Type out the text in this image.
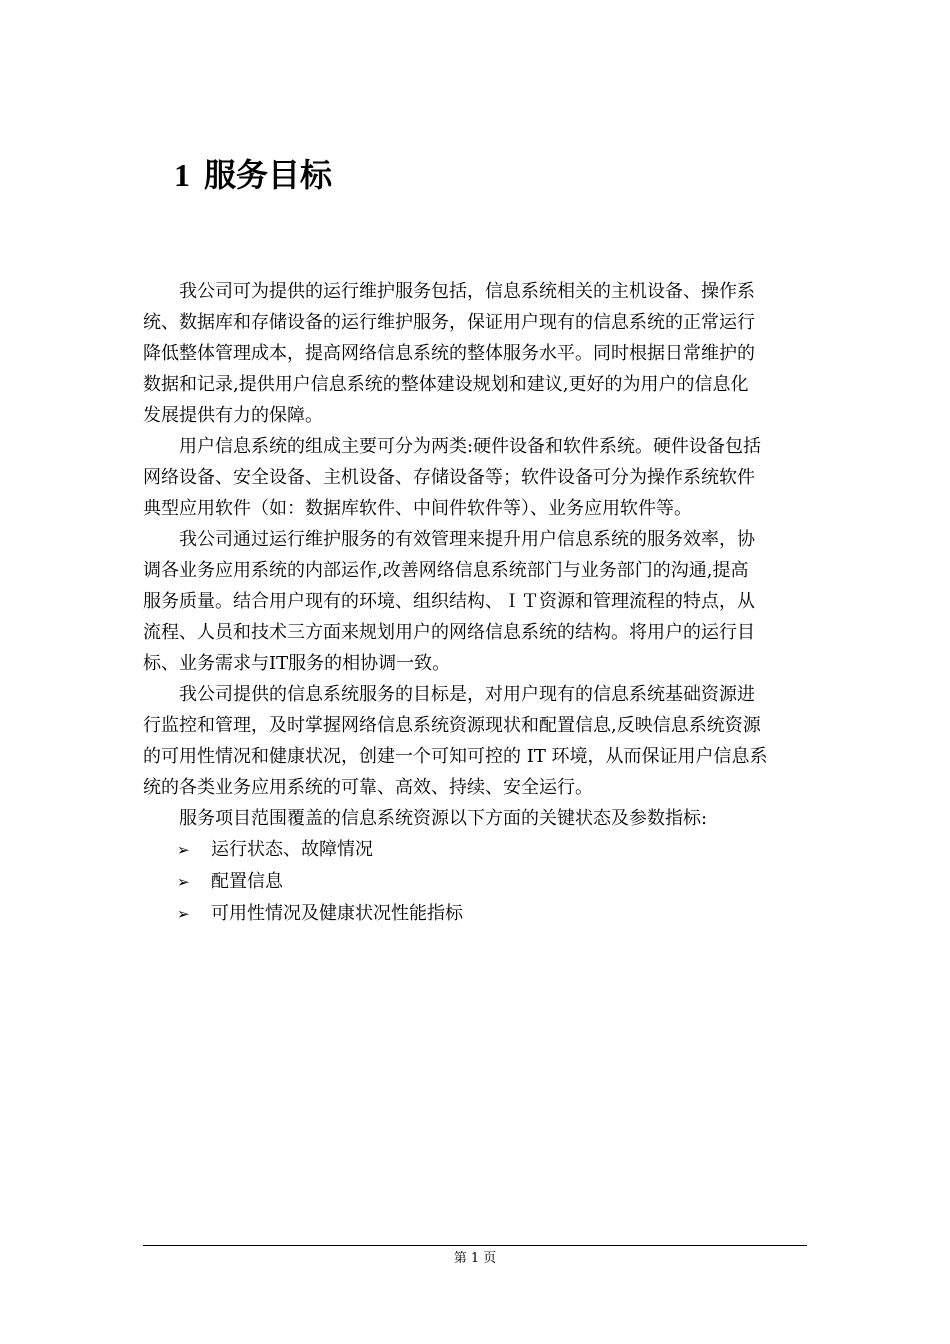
1 服务目标
我公司可为提供的运行维护服务包括，信息系统相关的主机设备、操作系
统、数据库和存储设备的运行维护服务，保证用户现有的信息系统的正常运行
降低整体管理成本，提高网络信息系统的整体服务水平。同时根据日常维护的
数据和记录,提供用户信息系统的整体建设规划和建议,更好的为用户的信息化
发展提供有力的保障。
用户信息系统的组成主要可分为两类:硬件设备和软件系统。硬件设备包括
网络设备、安全设备、主机设备、存储设备等；软件设备可分为操作系统软件
典型应用软件（如：数据库软件、中间件软件等）、业务应用软件等。
我公司通过运行维护服务的有效管理来提升用户信息系统的服务效率，协
调各业务应用系统的内部运作,改善网络信息系统部门与业务部门的沟通,提高
服务质量。结合用户现有的环境、组织结构、ＩＴ资源和管理流程的特点，从
流程、人员和技术三方面来规划用户的网络信息系统的结构。将用户的运行目
标、业务需求与IT服务的相协调一致。
我公司提供的信息系统服务的目标是，对用户现有的信息系统基础资源进
行监控和管理，及时掌握网络信息系统资源现状和配置信息,反映信息系统资源
的可用性情况和健康状况，创建一个可知可控的 IT 环境，从而保证用户信息系
统的各类业务应用系统的可靠、高效、持续、安全运行。
服务项目范围覆盖的信息系统资源以下方面的关键状态及参数指标:
➢ 运行状态、故障情况
➢ 配置信息
➢ 可用性情况及健康状况性能指标
第 1 页
